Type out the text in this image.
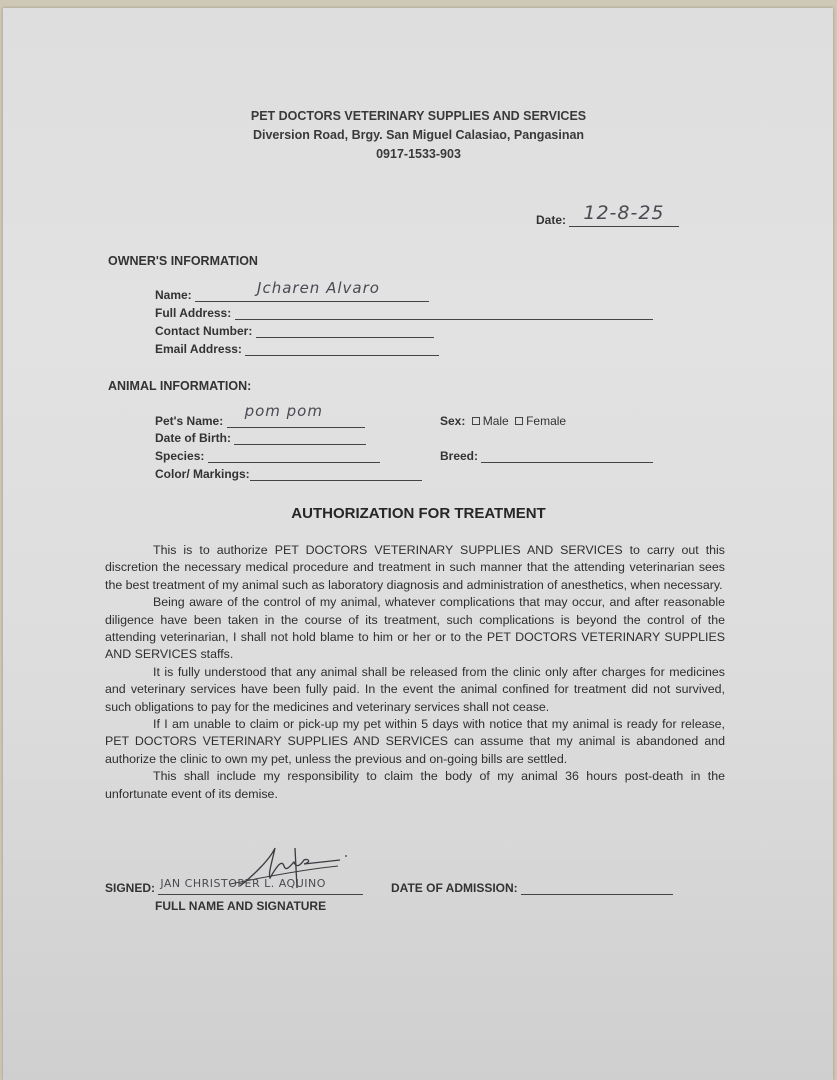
PET DOCTORS VETERINARY SUPPLIES AND SERVICES
Diversion Road, Brgy. San Miguel Calasiao, Pangasinan
0917-1533-903
Date: 12-8-25
OWNER'S INFORMATION
Name:	Jcharen Alvaro
Full Address:
Contact Number:
Email Address:
ANIMAL INFORMATION:
Pet's Name:
pom pom
Sex: Male Female
Date of Birth:
Species:	Breed:
Color/ Markings:
AUTHORIZATION FOR TREATMENT

This is to authorize PET DOCTORS VETERINARY SUPPLIES AND SERVICES to carry out this discretion the necessary medical procedure and treatment in such manner that the attending veterinarian sees the best treatment of my animal such as laboratory diagnosis and administration of anesthetics, when necessary.

Being aware of the control of my animal, whatever complications that may occur, and after reasonable diligence have been taken in the course of its treatment, such complications is beyond the control of the attending veterinarian, I shall not hold blame to him or her or to the PET DOCTORS VETERINARY SUPPLIES AND SERVICES staffs.

It is fully understood that any animal shall be released from the clinic only after charges for medicines and veterinary services have been fully paid. In the event the animal confined for treatment did not survived, such obligations to pay for the medicines and veterinary services shall not cease.

If I am unable to claim or pick-up my pet within 5 days with notice that my animal is ready for release, PET DOCTORS VETERINARY SUPPLIES AND SERVICES can assume that my animal is abandoned and authorize the clinic to own my pet, unless the previous and on-going bills are settled.

This shall include my responsibility to claim the body of my animal 36 hours post-death in the unfortunate event of its demise.

SIGNED: JAN CHRISTOPER L. AQUINO
FULL NAME AND SIGNATURE
DATE OF ADMISSION:
